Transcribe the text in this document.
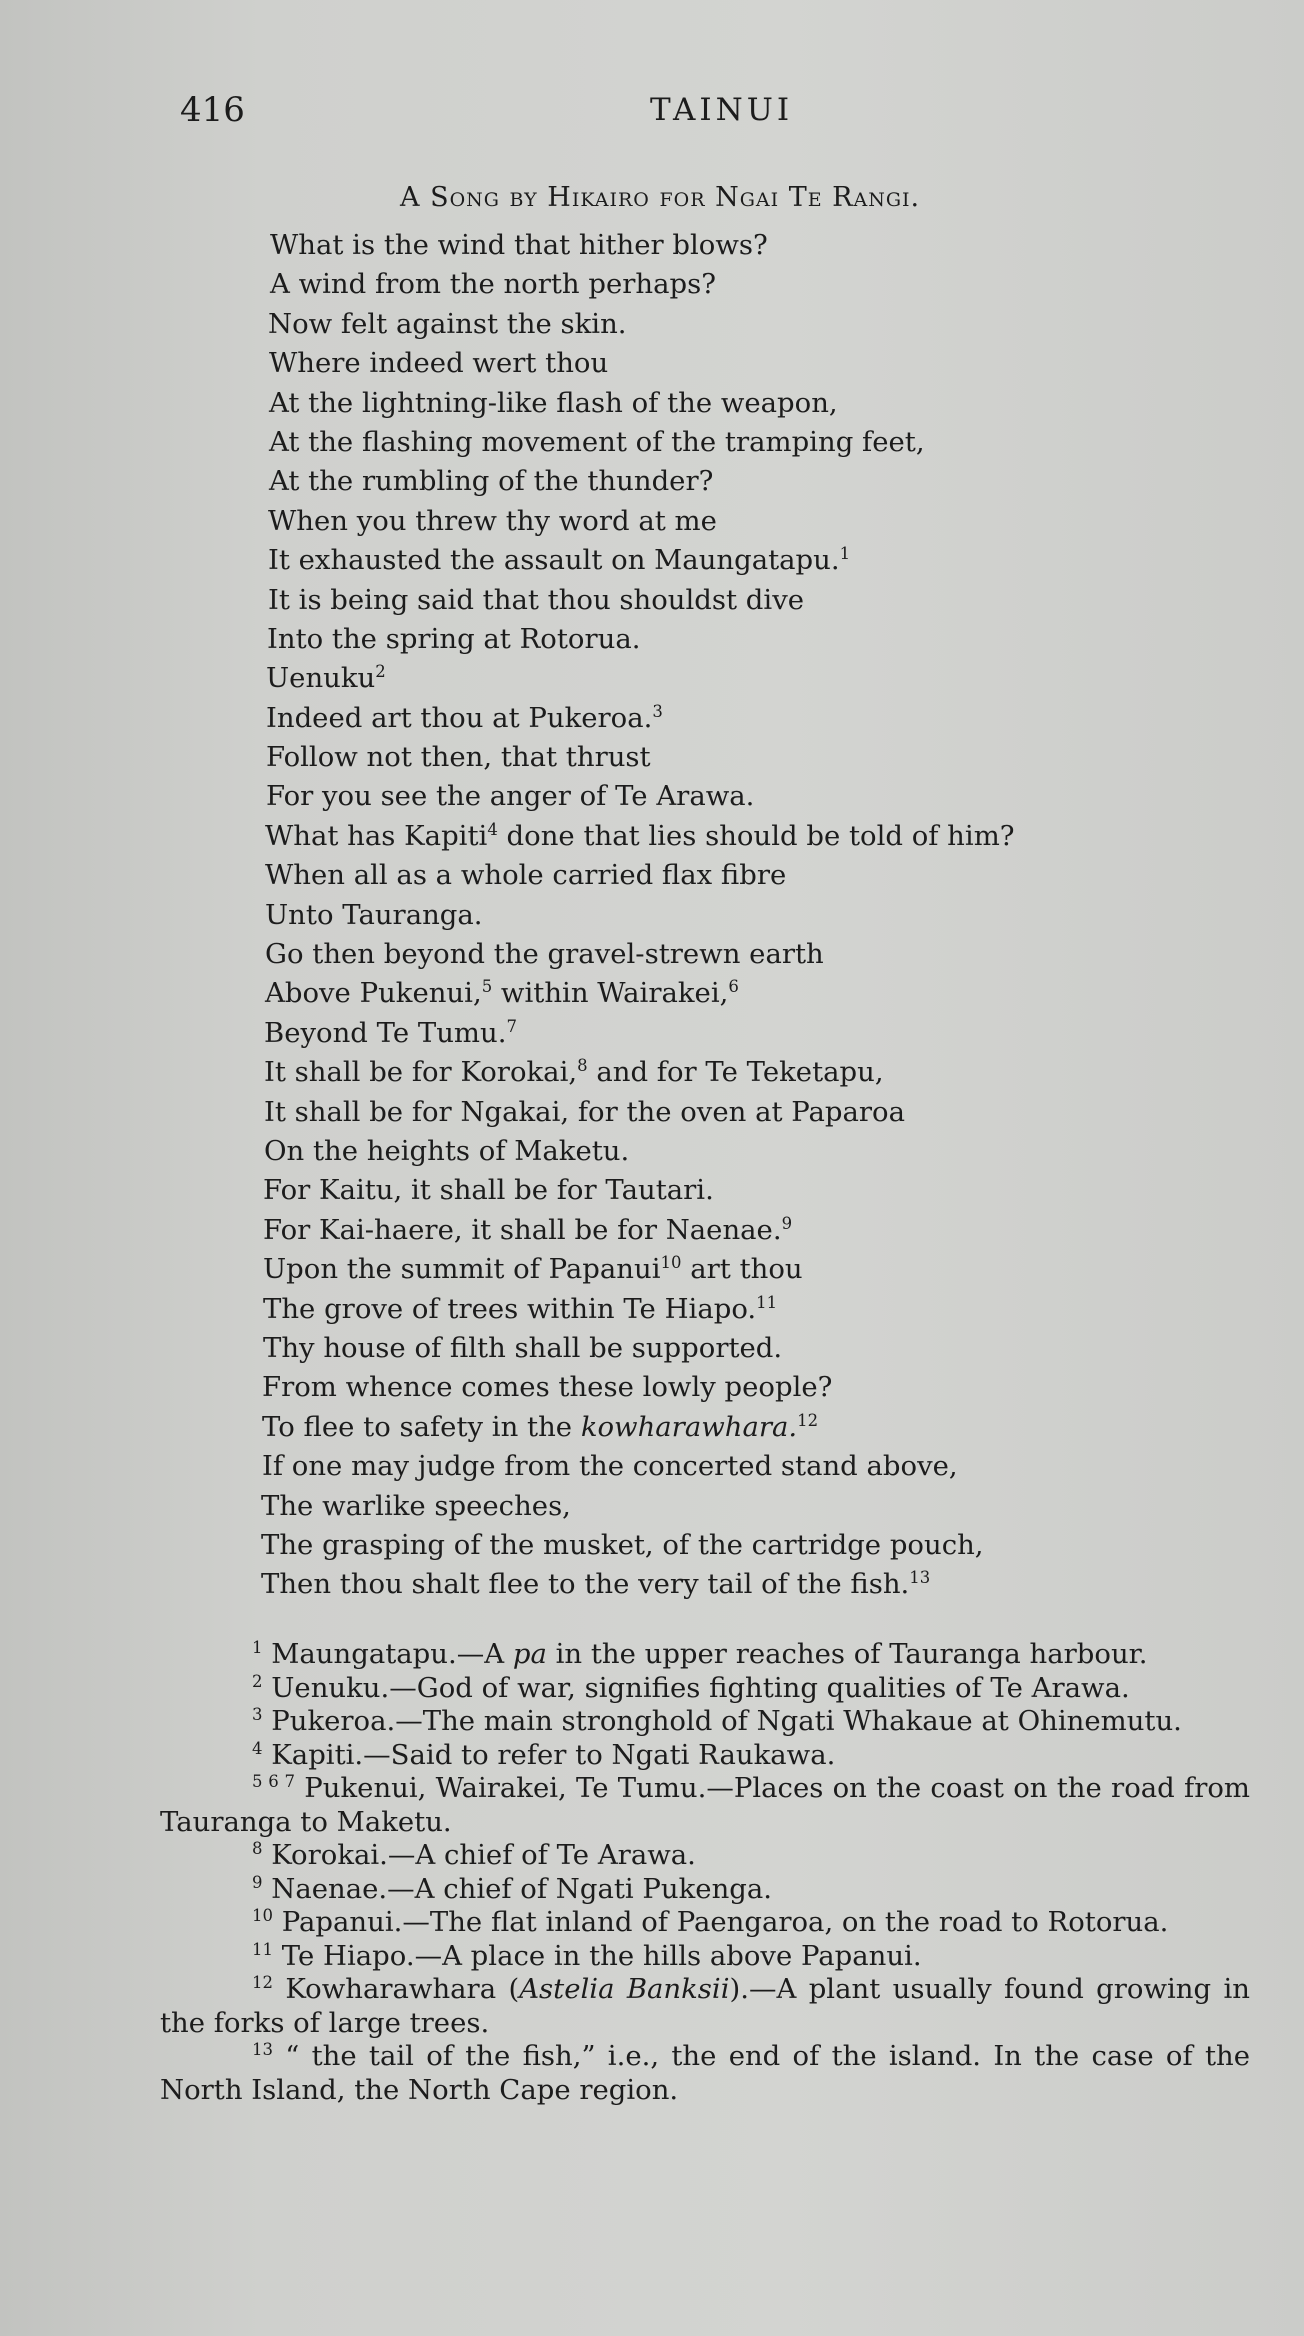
416	TAINUI
A Song by Hikairo for Ngai Te Rangi.
What is the wind that hither blows?
A wind from the north perhaps?
Now felt against the skin.
Where indeed wert thou
At the lightning-like flash of the weapon,
At the flashing movement of the tramping feet,
At the rumbling of the thunder?
When you threw thy word at me
It exhausted the assault on Maungatapu.$^1$
It is being said that thou shouldst dive
Into the spring at Rotorua.
Uenuku$^2$
Indeed art thou at Pukeroa.$^3$
Follow not then, that thrust
For you see the anger of Te Arawa.
What has Kapiti$^4$ done that lies should be told of him?
When all as a whole carried flax fibre
Unto Tauranga.
Go then beyond the gravel-strewn earth
Above Pukenui,$^5$ within Wairakei,$^6$
Beyond Te Tumu.$^7$
It shall be for Korokai,$^8$ and for Te Teketapu,
It shall be for Ngakai, for the oven at Paparoa
On the heights of Maketu.
For Kaitu, it shall be for Tautari.
For Kai-haere, it shall be for Naenae.$^9$
Upon the summit of Papanui$^{10}$ art thou
The grove of trees within Te Hiapo.$^{11}$
Thy house of filth shall be supported.
From whence comes these lowly people?
To flee to safety in the kowharawhara.$^{12}$
If one may judge from the concerted stand above,
The warlike speeches,
The grasping of the musket, of the cartridge pouch,
Then thou shalt flee to the very tail of the fish.$^{13}$
$^1$ Maungatapu.—A pa in the upper reaches of Tauranga harbour.
$^2$ Uenuku.—God of war, signifies fighting qualities of Te Arawa.
$^3$ Pukeroa.—The main stronghold of Ngati Whakaue at Ohinemutu.
$^4$ Kapiti.—Said to refer to Ngati Raukawa.
$^{5 6 7}$ Pukenui, Wairakei, Te Tumu.—Places on the coast on the road from Tauranga to Maketu.
$^8$ Korokai.—A chief of Te Arawa.
$^9$ Naenae.—A chief of Ngati Pukenga.
$^{10}$ Papanui.—The flat inland of Paengaroa, on the road to Rotorua.
$^{11}$ Te Hiapo.—A place in the hills above Papanui.
$^{12}$ Kowharawhara (Astelia Banksii).—A plant usually found growing in the forks of large trees.
$^{13}$ “ the tail of the fish,” i.e., the end of the island. In the case of the North Island, the North Cape region.
